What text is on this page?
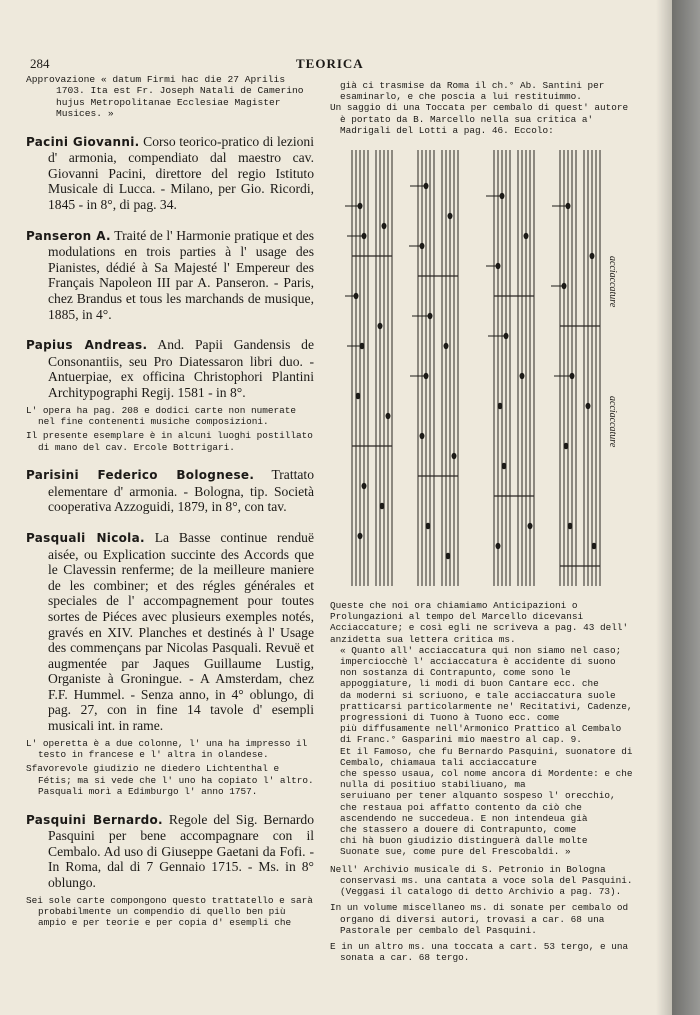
284	TEORICA

Approvazione « datum Firmi hac die 27 Aprilis 1703. Ita est Fr. Joseph Natali de Camerino hujus Metropolitanae Ecclesiae Magister Musices. »

Pacini Giovanni. Corso teorico-pratico di lezioni d' armonia, compendiato dal maestro cav. Giovanni Pacini, direttore del regio Istituto Musicale di Lucca. - Milano, per Gio. Ricordi, 1845 - in 8°, di pag. 34.

Panseron A. Traité de l' Harmonie pratique et des modulations en trois parties à l' usage des Pianistes, dédié à Sa Majesté l' Empereur des Français Napoleon III par A. Panseron. - Paris, chez Brandus et tous les marchands de musique, 1885, in 4°.

Papius Andreas. And. Papii Gandensis de Consonantiis, seu Pro Diatessaron libri duo. - Antuerpiae, ex officina Christophori Plantini Architypographi Regij. 1581 - in 8°.

L' opera ha pag. 208 e dodici carte non numerate nel fine contenenti musiche composizioni.

Il presente esemplare è in alcuni luoghi postillato di mano del cav. Ercole Bottrigari.

Parisini Federico Bolognese. Trattato elementare d' armonia. - Bologna, tip. Società cooperativa Azzoguidi, 1879, in 8°, con tav.

Pasquali Nicola. La Basse continue renduë aisée, ou Explication succinte des Accords que le Clavessin renferme; de la meilleure maniere de les combiner; et des régles générales et speciales de l' accompagnement pour toutes sortes de Piéces avec plusieurs exemples notés, gravés en XIV. Planches et destinés à l' Usage des commençans par Nicolas Pasquali. Revuë et augmentée par Jaques Guillaume Lustig, Organiste à Groningue. - A Amsterdam, chez F.F. Hummel. - Senza anno, in 4° oblungo, di pag. 27, con in fine 14 tavole d' esempli musicali int. in rame.

L' operetta è a due colonne, l' una ha impresso il testo in francese e l' altra in olandese.

Sfavorevole giudizio ne diedero Lichtenthal e Fétis; ma si vede che l' uno ha copiato l' altro. Pasquali morì a Edimburgo l' anno 1757.

Pasquini Bernardo. Regole del Sig. Bernardo Pasquini per bene accompagnare con il Cembalo. Ad uso di Giuseppe Gaetani da Fofi. - In Roma, dal di 7 Gennaio 1715. - Ms. in 8° oblungo.

Sei sole carte compongono questo trattatello e sarà probabilmente un compendio di quello ben più ampio e per teorie e per copia d' esempli che

già ci trasmise da Roma il ch.° Ab. Santini per esaminarlo, e che poscia a lui restituimmo.

Un saggio di una Toccata per cembalo di quest' autore è portato da B. Marcello nella sua critica a' Madrigali del Lotti a pag. 46. Eccolo:

acciaccature
acciaccature

Queste che noi ora chiamiamo Anticipazioni o Prolungazioni al tempo del Marcello dicevansi Acciaccature; e così egli ne scriveva a pag. 43 dell' anzidetta sua lettera critica ms.

« Quanto all' acciaccatura qui non siamo nel caso; imperciocchè l' acciaccatura è accidente di suono

non sostanza di Contrapunto, come sono le appoggiature, li modi di buon Cantare ecc. che

da moderni si scriuono, e tale acciaccatura suole

pratticarsi particolarmente ne' Recitativi, Cadenze, progressioni di Tuono à Tuono ecc. come

più diffusamente nell'Armonico Prattico al Cembalo di Franc.° Gasparini mio maestro al cap. 9.

Et il Famoso, che fu Bernardo Pasquini, suonatore di Cembalo, chiamaua tali acciaccature

che spesso usaua, col nome ancora di Mordente: e che nulla di positiuo stabiliuano, ma

seruiuano per tener alquanto sospeso l' orecchio, che restaua poi affatto contento da ciò che

ascendendo ne succedeua. E non intendeua già

che stassero a douere di Contrapunto, come

chi hà buon giudizio distinguerà dalle molte

Suonate sue, come pure del Frescobaldi. »

Nell' Archivio musicale di S. Petronio in Bologna conservasi ms. una cantata a voce sola del Pasquini. (Veggasi il catalogo di detto Archivio a pag. 73).

In un volume miscellaneo ms. di sonate per cembalo od organo di diversi autori, trovasi a car. 68 una Pastorale per cembalo del Pasquini.

E in un altro ms. una toccata a cart. 53 tergo, e una sonata a car. 68 tergo.
